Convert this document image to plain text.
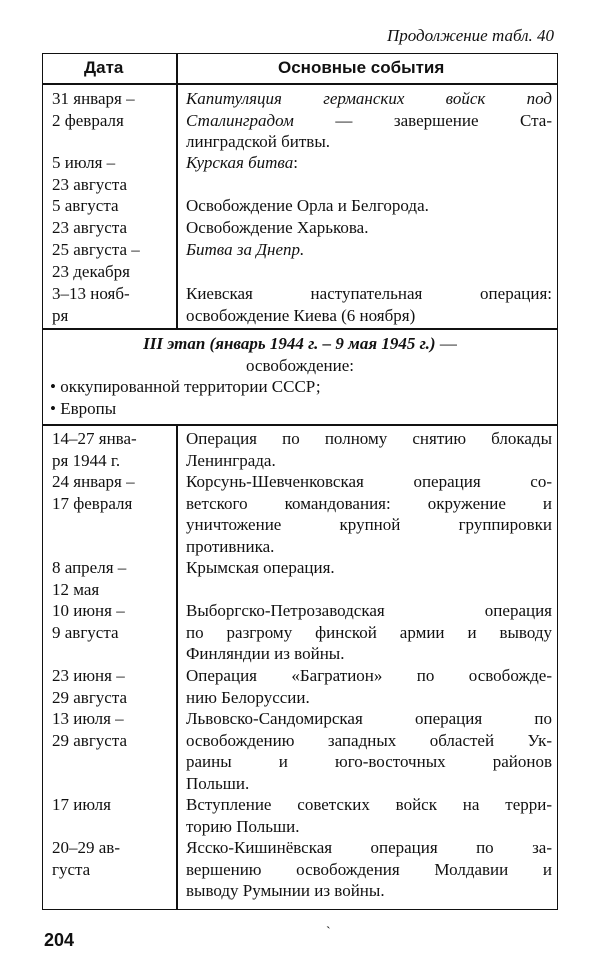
Продолжение табл. 40
Дата	Основные события
31 января –
2 февраля
5 июля –
23 августа
5 августа
23 августа
25 августа –
23 декабря
3–13 нояб-
ря
Капитуляция германских войск под
Сталинградом — завершение Ста-
линградской битвы.
Курская битва:
Освобождение Орла и Белгорода.
Освобождение Харькова.
Битва за Днепр.
Киевская наступательная операция:
освобождение Киева (6 ноября)
III этап (январь 1944 г. – 9 мая 1945 г.) —
освобождение:
• оккупированной территории СССР;
• Европы
14–27 янва-
ря 1944 г.
24 января –
17 февраля
8 апреля –
12 мая
10 июня –
9 августа
23 июня –
29 августа
13 июля –
29 августа
17 июля
20–29 ав-
густа
Операция по полному снятию блокады
Ленинграда.
Корсунь-Шевченковская операция со-
ветского командования: окружение и
уничтожение крупной группировки
противника.
Крымская операция.
Выборгско-Петрозаводская операция
по разгрому финской армии и выводу
Финляндии из войны.
Операция «Багратион» по освобожде-
нию Белоруссии.
Львовско-Сандомирская операция по
освобождению западных областей Ук-
раины и юго-восточных районов
Польши.
Вступление советских войск на терри-
торию Польши.
Ясско-Кишинёвская операция по за-
вершению освобождения Молдавии и
выводу Румынии из войны.
204	`
